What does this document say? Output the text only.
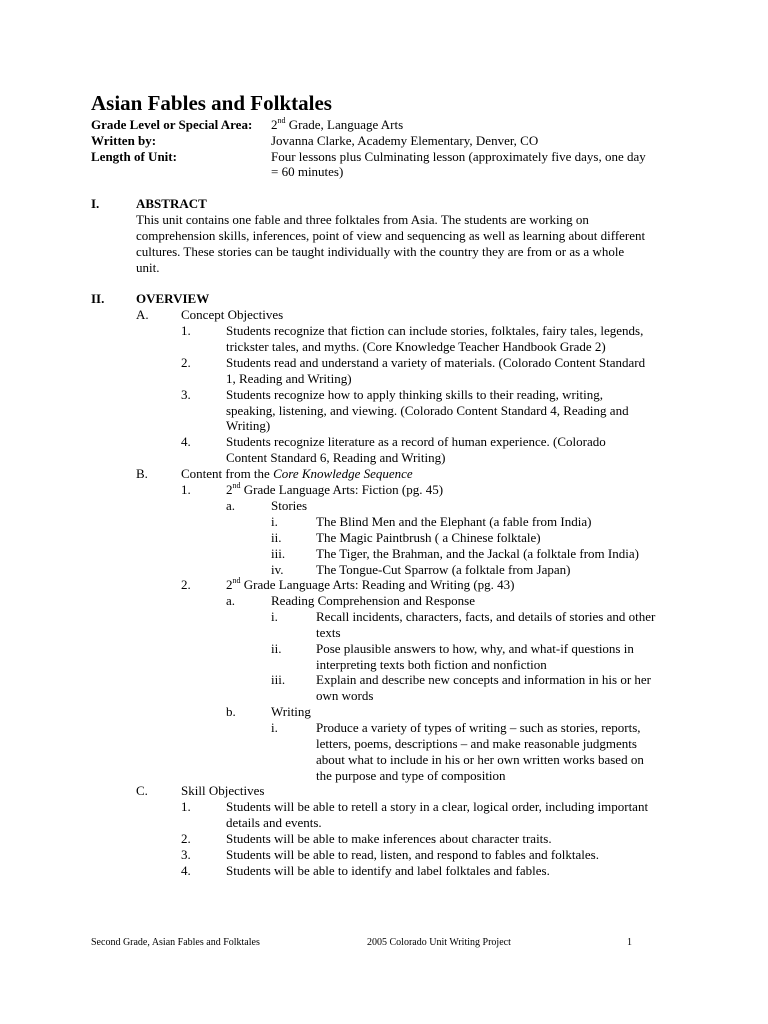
Asian Fables and Folktales
Grade Level or Special Area: 2nd Grade, Language Arts
Written by:	Jovanna Clarke, Academy Elementary, Denver, CO
Length of Unit:	Four lessons plus Culminating lesson (approximately five days, one day
= 60 minutes)
I.	ABSTRACT
This unit contains one fable and three folktales from Asia. The students are working on
comprehension skills, inferences, point of view and sequencing as well as learning about different
cultures. These stories can be taught individually with the country they are from or as a whole
unit.
II. OVERVIEW
A. Concept Objectives
1.	Students recognize that fiction can include stories, folktales, fairy tales, legends,
trickster tales, and myths. (Core Knowledge Teacher Handbook Grade 2)
2.	Students read and understand a variety of materials. (Colorado Content Standard
1, Reading and Writing)
3.	Students recognize how to apply thinking skills to their reading, writing,
speaking, listening, and viewing. (Colorado Content Standard 4, Reading and
Writing)
4.	Students recognize literature as a record of human experience. (Colorado
Content Standard 6, Reading and Writing)
B.	Content from the Core Knowledge Sequence
1.	2nd Grade Language Arts: Fiction (pg. 45)
a.	Stories
i.	The Blind Men and the Elephant (a fable from India)
ii.	The Magic Paintbrush ( a Chinese folktale)
iii. The Tiger, the Brahman, and the Jackal (a folktale from India)
iv. The Tongue-Cut Sparrow (a folktale from Japan)
2.	2nd Grade Language Arts: Reading and Writing (pg. 43)
a.	Reading Comprehension and Response
i.	Recall incidents, characters, facts, and details of stories and other
texts
ii.	Pose plausible answers to how, why, and what-if questions in
interpreting texts both fiction and nonfiction
iii. Explain and describe new concepts and information in his or her
own words
b.	Writing
i.	Produce a variety of types of writing – such as stories, reports,
letters, poems, descriptions – and make reasonable judgments
about what to include in his or her own written works based on
the purpose and type of composition
C.	Skill Objectives
1.	Students will be able to retell a story in a clear, logical order, including important
details and events.
2.	Students will be able to make inferences about character traits.
3.	Students will be able to read, listen, and respond to fables and folktales.
4.	Students will be able to identify and label folktales and fables.
Second Grade, Asian Fables and Folktales	2005 Colorado Unit Writing Project	1
